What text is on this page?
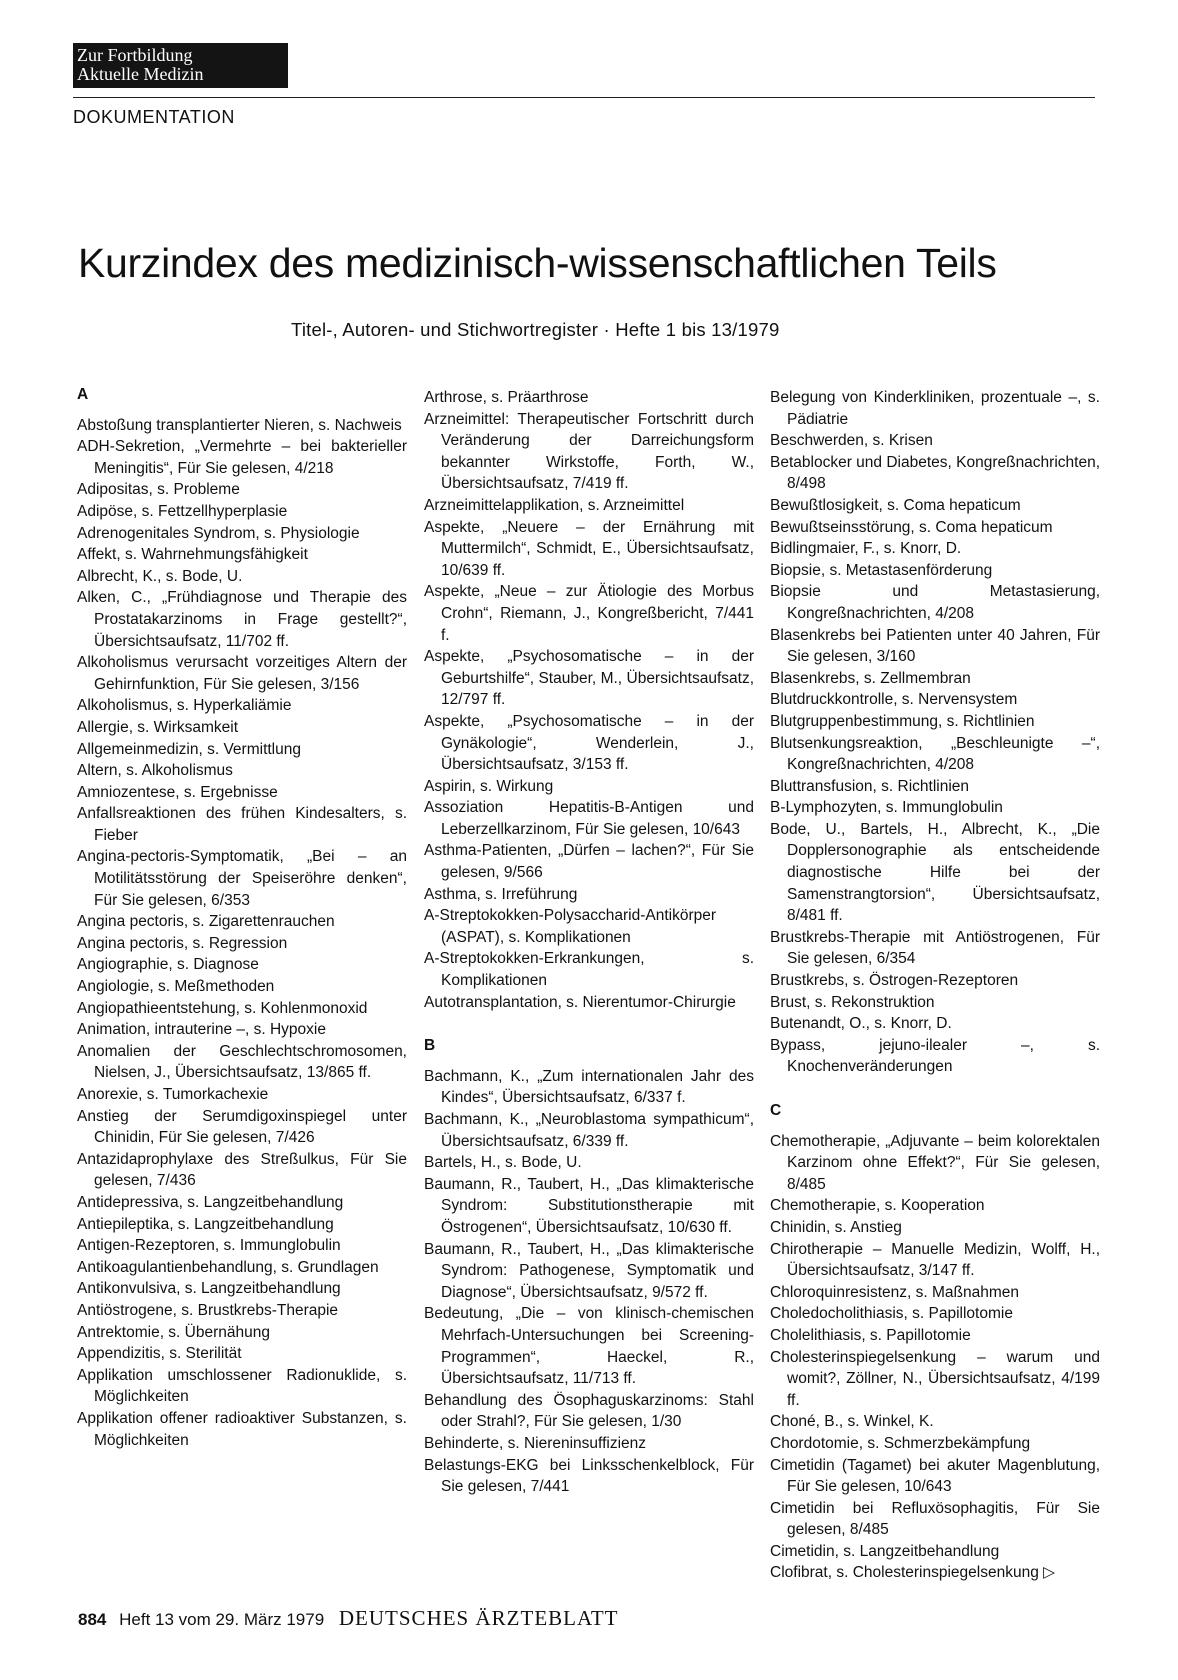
Zur Fortbildung
Aktuelle Medizin
DOKUMENTATION
Kurzindex des medizinisch-wissenschaftlichen Teils
Titel-, Autoren- und Stichwortregister · Hefte 1 bis 13/1979
A
Abstoßung transplantierter Nieren, s. Nachweis
ADH-Sekretion, „Vermehrte – bei bakterieller Meningitis“, Für Sie gelesen, 4/218
Adipositas, s. Probleme
Adipöse, s. Fettzellhyperplasie
Adrenogenitales Syndrom, s. Physiologie
Affekt, s. Wahrnehmungsfähigkeit
Albrecht, K., s. Bode, U.
Alken, C., „Frühdiagnose und Therapie des Prostatakarzinoms in Frage gestellt?“, Übersichtsaufsatz, 11/702 ff.
Alkoholismus verursacht vorzeitiges Altern der Gehirnfunktion, Für Sie gelesen, 3/156
Alkoholismus, s. Hyperkaliämie
Allergie, s. Wirksamkeit
Allgemeinmedizin, s. Vermittlung
Altern, s. Alkoholismus
Amniozentese, s. Ergebnisse
Anfallsreaktionen des frühen Kindesalters, s. Fieber
Angina-pectoris-Symptomatik, „Bei – an Motilitätsstörung der Speiseröhre denken“, Für Sie gelesen, 6/353
Angina pectoris, s. Zigarettenrauchen
Angina pectoris, s. Regression
Angiographie, s. Diagnose
Angiologie, s. Meßmethoden
Angiopathieentstehung, s. Kohlenmonoxid
Animation, intrauterine –, s. Hypoxie
Anomalien der Geschlechtschromosomen, Nielsen, J., Übersichtsaufsatz, 13/865 ff.
Anorexie, s. Tumorkachexie
Anstieg der Serumdigoxinspiegel unter Chinidin, Für Sie gelesen, 7/426
Antazidaprophylaxe des Streßulkus, Für Sie gelesen, 7/436
Antidepressiva, s. Langzeitbehandlung
Antiepileptika, s. Langzeitbehandlung
Antigen-Rezeptoren, s. Immunglobulin
Antikoagulantienbehandlung, s. Grundlagen
Antikonvulsiva, s. Langzeitbehandlung
Antiöstrogene, s. Brustkrebs-Therapie
Antrektomie, s. Übernähung
Appendizitis, s. Sterilität
Applikation umschlossener Radionuklide, s. Möglichkeiten
Applikation offener radioaktiver Substanzen, s. Möglichkeiten
Arthrose, s. Präarthrose
Arzneimittel: Therapeutischer Fortschritt durch Veränderung der Darreichungsform bekannter Wirkstoffe, Forth, W., Übersichtsaufsatz, 7/419 ff.
Arzneimittelapplikation, s. Arzneimittel
Aspekte, „Neuere – der Ernährung mit Muttermilch“, Schmidt, E., Übersichtsaufsatz, 10/639 ff.
Aspekte, „Neue – zur Ätiologie des Morbus Crohn“, Riemann, J., Kongreßbericht, 7/441 f.
Aspekte, „Psychosomatische – in der Geburtshilfe“, Stauber, M., Übersichtsaufsatz, 12/797 ff.
Aspekte, „Psychosomatische – in der Gynäkologie“, Wenderlein, J., Übersichtsaufsatz, 3/153 ff.
Aspirin, s. Wirkung
Assoziation Hepatitis-B-Antigen und Leberzellkarzinom, Für Sie gelesen, 10/643
Asthma-Patienten, „Dürfen – lachen?“, Für Sie gelesen, 9/566
Asthma, s. Irreführung
A-Streptokokken-Polysaccharid-Antikörper (ASPAT), s. Komplikationen
A-Streptokokken-Erkrankungen, s. Komplikationen
Autotransplantation, s. Nierentumor-Chirurgie
B
Bachmann, K., „Zum internationalen Jahr des Kindes“, Übersichtsaufsatz, 6/337 f.
Bachmann, K., „Neuroblastoma sympathicum“, Übersichtsaufsatz, 6/339 ff.
Bartels, H., s. Bode, U.
Baumann, R., Taubert, H., „Das klimakterische Syndrom: Substitutionstherapie mit Östrogenen“, Übersichtsaufsatz, 10/630 ff.
Baumann, R., Taubert, H., „Das klimakterische Syndrom: Pathogenese, Symptomatik und Diagnose“, Übersichtsaufsatz, 9/572 ff.
Bedeutung, „Die – von klinisch-chemischen Mehrfach-Untersuchungen bei Screening-Programmen“, Haeckel, R., Übersichtsaufsatz, 11/713 ff.
Behandlung des Ösophaguskarzinoms: Stahl oder Strahl?, Für Sie gelesen, 1/30
Behinderte, s. Niereninsuffizienz
Belastungs-EKG bei Linksschenkelblock, Für Sie gelesen, 7/441
Belegung von Kinderkliniken, prozentuale –, s. Pädiatrie
Beschwerden, s. Krisen
Betablocker und Diabetes, Kongreßnachrichten, 8/498
Bewußtlosigkeit, s. Coma hepaticum
Bewußtseinsstörung, s. Coma hepaticum
Bidlingmaier, F., s. Knorr, D.
Biopsie, s. Metastasenförderung
Biopsie und Metastasierung, Kongreßnachrichten, 4/208
Blasenkrebs bei Patienten unter 40 Jahren, Für Sie gelesen, 3/160
Blasenkrebs, s. Zellmembran
Blutdruckkontrolle, s. Nervensystem
Blutgruppenbestimmung, s. Richtlinien
Blutsenkungsreaktion, „Beschleunigte –“, Kongreßnachrichten, 4/208
Bluttransfusion, s. Richtlinien
B-Lymphozyten, s. Immunglobulin
Bode, U., Bartels, H., Albrecht, K., „Die Dopplersonographie als entscheidende diagnostische Hilfe bei der Samenstrangtorsion“, Übersichtsaufsatz, 8/481 ff.
Brustkrebs-Therapie mit Antiöstrogenen, Für Sie gelesen, 6/354
Brustkrebs, s. Östrogen-Rezeptoren
Brust, s. Rekonstruktion
Butenandt, O., s. Knorr, D.
Bypass, jejuno-ilealer –, s. Knochenveränderungen
C
Chemotherapie, „Adjuvante – beim kolorektalen Karzinom ohne Effekt?“, Für Sie gelesen, 8/485
Chemotherapie, s. Kooperation
Chinidin, s. Anstieg
Chirotherapie – Manuelle Medizin, Wolff, H., Übersichtsaufsatz, 3/147 ff.
Chloroquinresistenz, s. Maßnahmen
Choledocholithiasis, s. Papillotomie
Cholelithiasis, s. Papillotomie
Cholesterinspiegelsenkung – warum und womit?, Zöllner, N., Übersichtsaufsatz, 4/199 ff.
Choné, B., s. Winkel, K.
Chordotomie, s. Schmerzbekämpfung
Cimetidin (Tagamet) bei akuter Magenblutung, Für Sie gelesen, 10/643
Cimetidin bei Refluxösophagitis, Für Sie gelesen, 8/485
Cimetidin, s. Langzeitbehandlung
Clofibrat, s. Cholesterinspiegelsenkung ▷
884 Heft 13 vom 29. März 1979 DEUTSCHES ÄRZTEBLATT
